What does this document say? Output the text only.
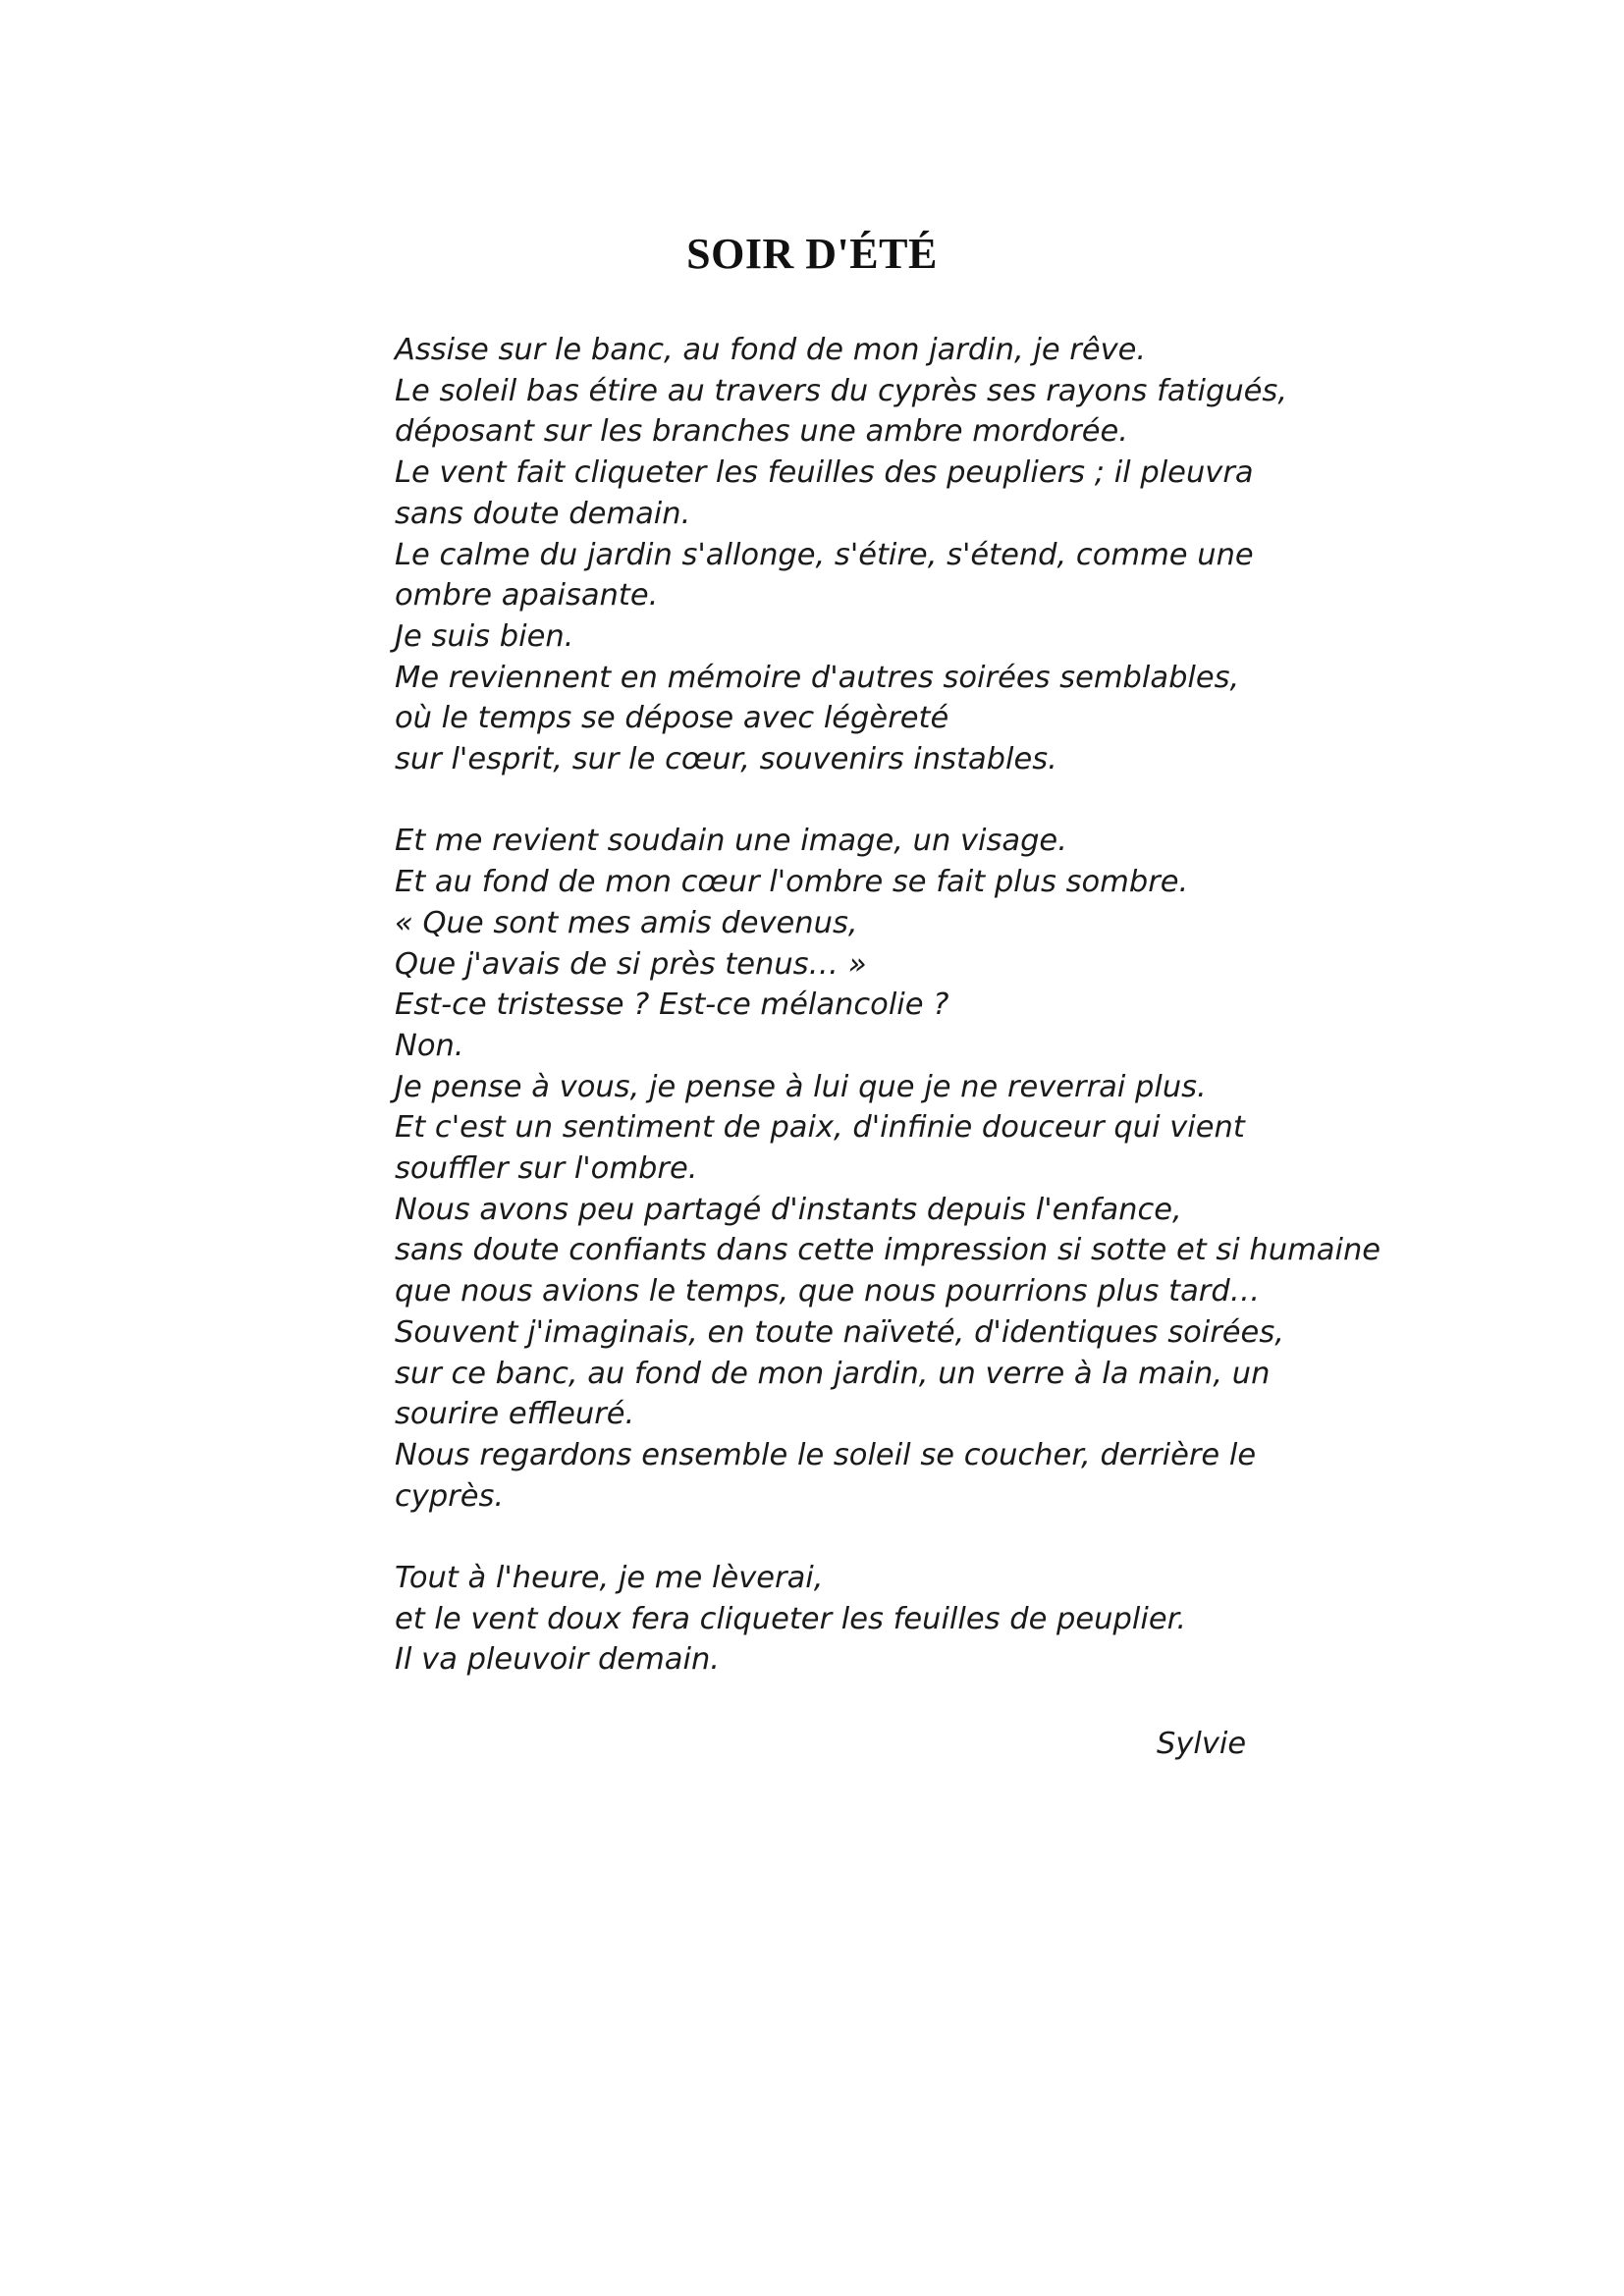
SOIR D'ÉTÉ
Assise sur le banc, au fond de mon jardin, je rêve.
Le soleil bas étire au travers du cyprès ses rayons fatigués,
déposant sur les branches une ambre mordorée.
Le vent fait cliqueter les feuilles des peupliers ; il pleuvra
sans doute demain.
Le calme du jardin s'allonge, s'étire, s'étend, comme une
ombre apaisante.
Je suis bien.
Me reviennent en mémoire d'autres soirées semblables,
où le temps se dépose avec légèreté
sur l'esprit, sur le cœur, souvenirs instables.
Et me revient soudain une image, un visage.
Et au fond de mon cœur l'ombre se fait plus sombre.
« Que sont mes amis devenus,
Que j'avais de si près tenus… »
Est-ce tristesse ? Est-ce mélancolie ?
Non.
Je pense à vous, je pense à lui que je ne reverrai plus.
Et c'est un sentiment de paix, d'infinie douceur qui vient
souffler sur l'ombre.
Nous avons peu partagé d'instants depuis l'enfance,
sans doute confiants dans cette impression si sotte et si humaine
que nous avions le temps, que nous pourrions plus tard…
Souvent j'imaginais, en toute naïveté, d'identiques soirées,
sur ce banc, au fond de mon jardin, un verre à la main, un
sourire effleuré.
Nous regardons ensemble le soleil se coucher, derrière le
cyprès.
Tout à l'heure, je me lèverai,
et le vent doux fera cliqueter les feuilles de peuplier.
Il va pleuvoir demain.
Sylvie
